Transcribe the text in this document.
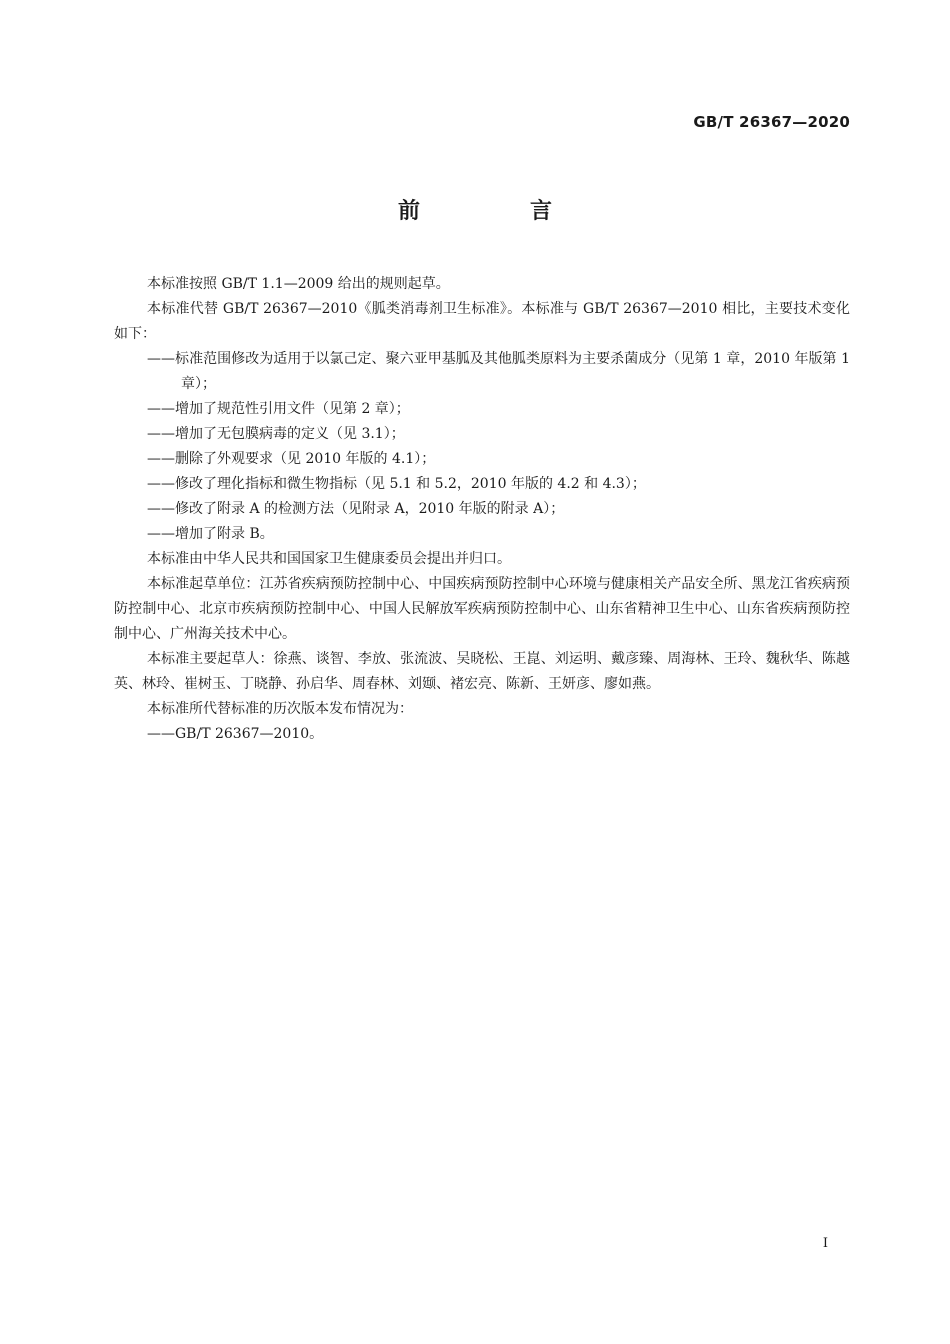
GB/T 26367—2020
前　言

本标准按照 GB/T 1.1—2009 给出的规则起草。

本标准代替 GB/T 26367—2010《胍类消毒剂卫生标准》。本标准与 GB/T 26367—2010 相比，主要技术变化如下：

——标准范围修改为适用于以氯己定、聚六亚甲基胍及其他胍类原料为主要杀菌成分（见第 1 章，2010 年版第 1 章）；

——增加了规范性引用文件（见第 2 章）；

——增加了无包膜病毒的定义（见 3.1）；

——删除了外观要求（见 2010 年版的 4.1）；

——修改了理化指标和微生物指标（见 5.1 和 5.2，2010 年版的 4.2 和 4.3）；

——修改了附录 A 的检测方法（见附录 A，2010 年版的附录 A）；

——增加了附录 B。

本标准由中华人民共和国国家卫生健康委员会提出并归口。

本标准起草单位：江苏省疾病预防控制中心、中国疾病预防控制中心环境与健康相关产品安全所、黑龙江省疾病预防控制中心、北京市疾病预防控制中心、中国人民解放军疾病预防控制中心、山东省精神卫生中心、山东省疾病预防控制中心、广州海关技术中心。

本标准主要起草人：徐燕、谈智、李放、张流波、吴晓松、王崑、刘运明、戴彦臻、周海林、王玲、魏秋华、陈越英、林玲、崔树玉、丁晓静、孙启华、周春林、刘颋、褚宏亮、陈新、王妍彦、廖如燕。

本标准所代替标准的历次版本发布情况为：

——GB/T 26367—2010。

I
